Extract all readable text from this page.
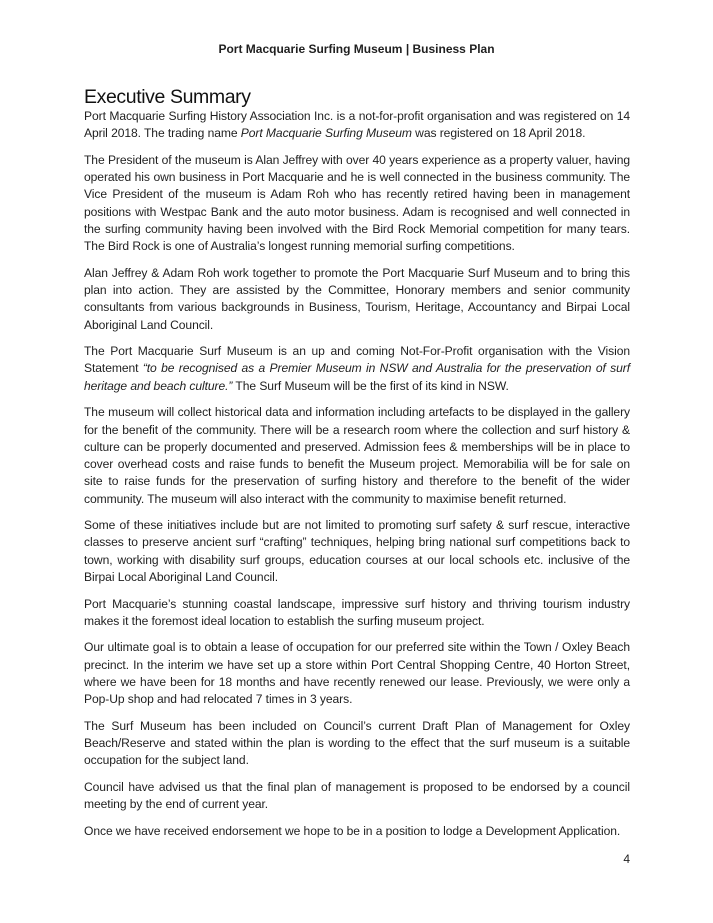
Port Macquarie Surfing Museum | Business Plan
Executive Summary

Port Macquarie Surfing History Association Inc. is a not-for-profit organisation and was registered on 14 April 2018. The trading name Port Macquarie Surfing Museum was registered on 18 April 2018.

The President of the museum is Alan Jeffrey with over 40 years experience as a property valuer, having operated his own business in Port Macquarie and he is well connected in the business community. The Vice President of the museum is Adam Roh who has recently retired having been in management positions with Westpac Bank and the auto motor business. Adam is recognised and well connected in the surfing community having been involved with the Bird Rock Memorial competition for many tears. The Bird Rock is one of Australia’s longest running memorial surfing competitions.

Alan Jeffrey & Adam Roh work together to promote the Port Macquarie Surf Museum and to bring this plan into action. They are assisted by the Committee, Honorary members and senior community consultants from various backgrounds in Business, Tourism, Heritage, Accountancy and Birpai Local Aboriginal Land Council.

The Port Macquarie Surf Museum is an up and coming Not-For-Profit organisation with the Vision Statement “to be recognised as a Premier Museum in NSW and Australia for the preservation of surf heritage and beach culture.” The Surf Museum will be the first of its kind in NSW.

The museum will collect historical data and information including artefacts to be displayed in the gallery for the benefit of the community. There will be a research room where the collection and surf history & culture can be properly documented and preserved. Admission fees & memberships will be in place to cover overhead costs and raise funds to benefit the Museum project. Memorabilia will be for sale on site to raise funds for the preservation of surfing history and therefore to the benefit of the wider community. The museum will also interact with the community to maximise benefit returned.

Some of these initiatives include but are not limited to promoting surf safety & surf rescue, interactive classes to preserve ancient surf “crafting” techniques, helping bring national surf competitions back to town, working with disability surf groups, education courses at our local schools etc. inclusive of the Birpai Local Aboriginal Land Council.

Port Macquarie’s stunning coastal landscape, impressive surf history and thriving tourism industry makes it the foremost ideal location to establish the surfing museum project.

Our ultimate goal is to obtain a lease of occupation for our preferred site within the Town / Oxley Beach precinct. In the interim we have set up a store within Port Central Shopping Centre, 40 Horton Street, where we have been for 18 months and have recently renewed our lease. Previously, we were only a Pop-Up shop and had relocated 7 times in 3 years.

The Surf Museum has been included on Council’s current Draft Plan of Management for Oxley Beach/Reserve and stated within the plan is wording to the effect that the surf museum is a suitable occupation for the subject land.

Council have advised us that the final plan of management is proposed to be endorsed by a council meeting by the end of current year.

Once we have received endorsement we hope to be in a position to lodge a Development Application.

4
